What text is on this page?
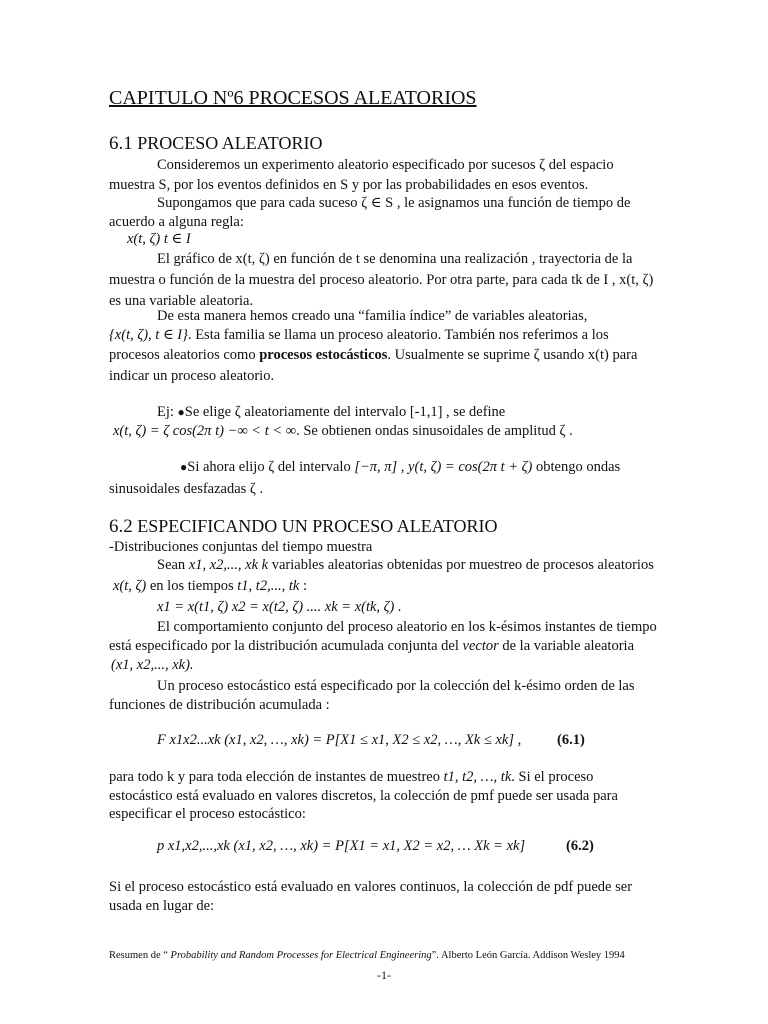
CAPITULO Nº6 PROCESOS ALEATORIOS
6.1 PROCESO ALEATORIO
Consideremos un experimento aleatorio especificado por sucesos ζ del espacio
muestra S, por los eventos definidos en S y por las probabilidades en esos eventos.
Supongamos que para cada suceso ζ ∈ S , le asignamos una función de tiempo de
acuerdo a alguna regla:
x(t, ζ) t ∈ I
El gráfico de x(t, ζ) en función de t se denomina una realización , trayectoria de la
muestra o función de la muestra del proceso aleatorio. Por otra parte, para cada tk de I , x(t, ζ)
es una variable aleatoria.
De esta manera hemos creado una “familia índice” de variables aleatorias,
{x(t, ζ), t ∈ I}. Esta familia se llama un proceso aleatorio. También nos referimos a los
procesos aleatorios como procesos estocásticos. Usualmente se suprime ζ usando x(t) para
indicar un proceso aleatorio.
Ej: ●Se elige ζ aleatoriamente del intervalo [-1,1] , se define
x(t, ζ) = ζ cos(2π t) −∞ < t < ∞. Se obtienen ondas sinusoidales de amplitud ζ .
●Si ahora elijo ζ del intervalo [−π, π] , y(t, ζ) = cos(2π t + ζ) obtengo ondas
sinusoidales desfazadas ζ .
6.2 ESPECIFICANDO UN PROCESO ALEATORIO
-Distribuciones conjuntas del tiempo muestra
Sean x1, x2,..., xk k variables aleatorias obtenidas por muestreo de procesos aleatorios
x(t, ζ) en los tiempos t1, t2,..., tk :
x1 = x(t1, ζ) x2 = x(t2, ζ) .... xk = x(tk, ζ) .
El comportamiento conjunto del proceso aleatorio en los k-ésimos instantes de tiempo
está especificado por la distribución acumulada conjunta del vector de la variable aleatoria
(x1, x2,..., xk).
Un proceso estocástico está especificado por la colección del k-ésimo orden de las
funciones de distribución acumulada :
F x1x2...xk (x1, x2, …, xk) = P[X1 ≤ x1, X2 ≤ x2, …, Xk ≤ xk] , (6.1)
para todo k y para toda elección de instantes de muestreo t1, t2, …, tk. Si el proceso
estocástico está evaluado en valores discretos, la colección de pmf puede ser usada para
especificar el proceso estocástico:
p x1,x2,...,xk (x1, x2, …, xk) = P[X1 = x1, X2 = x2, … Xk = xk]	(6.2)
Si el proceso estocástico está evaluado en valores continuos, la colección de pdf puede ser
usada en lugar de:
Resumen de “ Probability and Random Processes for Electrical Engineering”. Alberto León García. Addison Wesley 1994
-1-
